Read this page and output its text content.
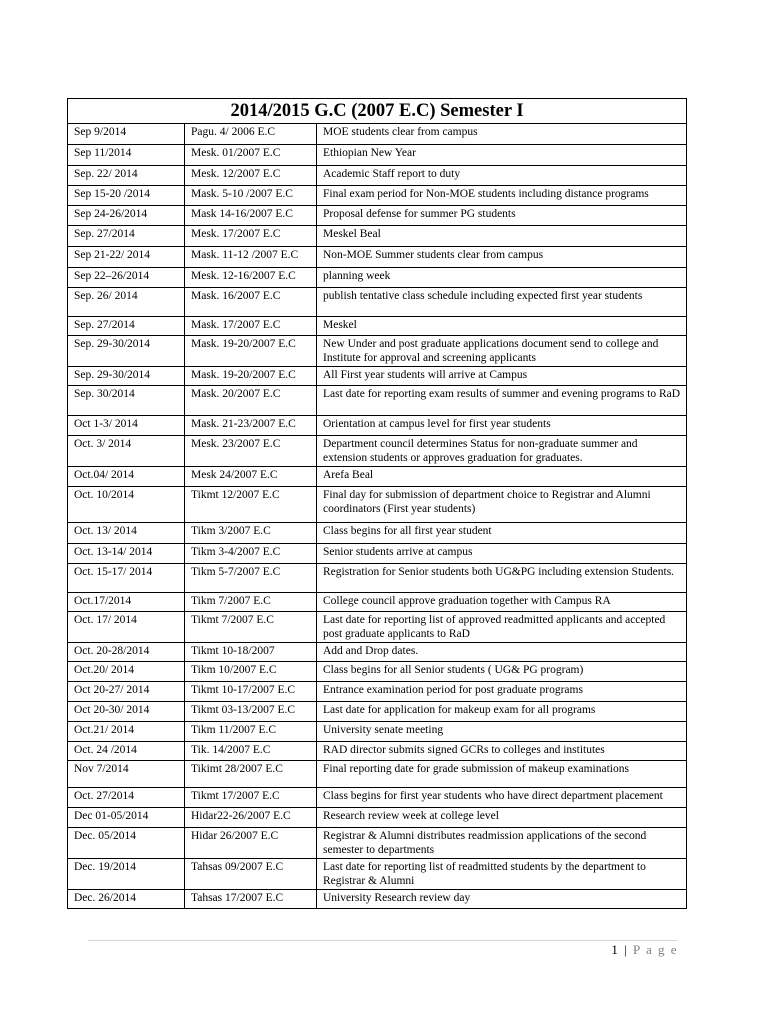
2014/2015 G.C (2007 E.C) Semester I		
Sep 9/2014	Pagu. 4/ 2006 E.C	MOE students clear from campus
Sep 11/2014	Mesk. 01/2007 E.C	Ethiopian New Year
Sep. 22/ 2014	Mesk. 12/2007 E.C	Academic Staff report to duty
Sep 15-20 /2014	Mask. 5-10 /2007 E.C	Final exam period for Non-MOE students including distance programs
Sep 24-26/2014	Mask 14-16/2007 E.C	Proposal defense for summer PG students
Sep. 27/2014	Mesk. 17/2007 E.C	Meskel Beal
Sep 21-22/ 2014	Mask. 11-12 /2007 E.C	Non-MOE Summer students clear from campus
Sep 22–26/2014	Mesk. 12-16/2007 E.C	planning week
Sep. 26/ 2014	Mask. 16/2007 E.C	publish tentative class schedule including expected first year students
Sep. 27/2014	Mask. 17/2007 E.C	Meskel
Sep. 29-30/2014	Mask. 19-20/2007 E.C	New Under and post graduate applications document send to college and Institute for approval and screening applicants
Sep. 29-30/2014	Mask. 19-20/2007 E.C	All First year students will arrive at Campus
Sep. 30/2014	Mask. 20/2007 E.C	Last date for reporting exam results of summer and evening programs to RaD
Oct 1-3/ 2014	Mask. 21-23/2007 E.C	Orientation at campus level for first year students
Oct. 3/ 2014	Mesk. 23/2007 E.C	Department council determines Status for non-graduate summer and extension students or approves graduation for graduates.
Oct.04/ 2014	Mesk 24/2007 E.C	Arefa Beal
Oct. 10/2014	Tikmt 12/2007 E.C	Final day for submission of department choice to Registrar and Alumni coordinators (First year students)
Oct. 13/ 2014	Tikm 3/2007 E.C	Class begins for all first year student
Oct. 13-14/ 2014	Tikm 3-4/2007 E.C	Senior students arrive at campus
Oct. 15-17/ 2014	Tikm 5-7/2007 E.C	Registration for Senior students both UG&PG including extension Students.
Oct.17/2014	Tikm 7/2007 E.C	College council approve graduation together with Campus RA
Oct. 17/ 2014	Tikmt 7/2007 E.C	Last date for reporting list of approved readmitted applicants and accepted post graduate applicants to RaD
Oct. 20-28/2014	Tikmt 10-18/2007	Add and Drop dates.
Oct.20/ 2014	Tikm 10/2007 E.C	Class begins for all Senior students ( UG& PG program)
Oct 20-27/ 2014	Tikmt 10-17/2007 E.C	Entrance examination period for post graduate programs
Oct 20-30/ 2014	Tikmt 03-13/2007 E.C	Last date for application for makeup exam for all programs
Oct.21/ 2014	Tikm 11/2007 E.C	University senate meeting
Oct. 24 /2014	Tik. 14/2007 E.C	RAD director submits signed GCRs to colleges and institutes
Nov 7/2014	Tikimt 28/2007 E.C	Final reporting date for grade submission of makeup examinations
Oct. 27/2014	Tikmt 17/2007 E.C	Class begins for first year students who have direct department placement
Dec 01-05/2014	Hidar22-26/2007 E.C	Research review week at college level
Dec. 05/2014	Hidar 26/2007 E.C	Registrar & Alumni distributes readmission applications of the second semester to departments
Dec. 19/2014	Tahsas 09/2007 E.C	Last date for reporting list of readmitted students by the department to Registrar & Alumni
Dec. 26/2014	Tahsas 17/2007 E.C	University Research review day
1 | P a g e
